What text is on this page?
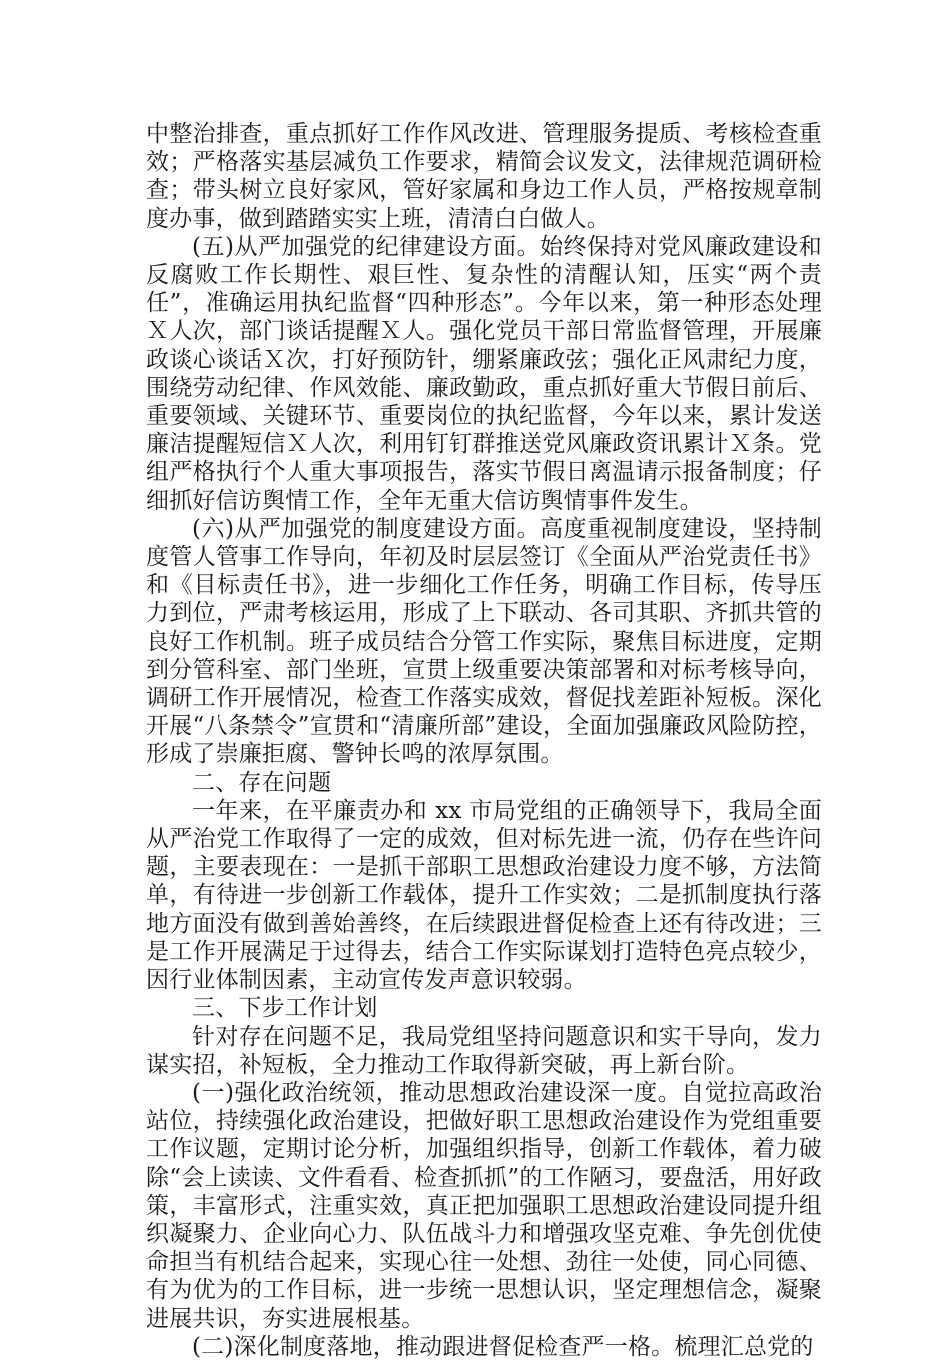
中整治排查，重点抓好工作作风改进、管理服务提质、考核检查重效；严格落实基层减负工作要求，精简会议发文，法律规范调研检查；带头树立良好家风，管好家属和身边工作人员，严格按规章制度办事，做到踏踏实实上班，清清白白做人。

(五)从严加强党的纪律建设方面。始终保持对党风廉政建设和反腐败工作长期性、艰巨性、复杂性的清醒认知，压实“两个责任”，准确运用执纪监督“四种形态”。今年以来，第一种形态处理Ｘ人次，部门谈话提醒Ｘ人。强化党员干部日常监督管理，开展廉政谈心谈话Ｘ次，打好预防针，绷紧廉政弦；强化正风肃纪力度，围绕劳动纪律、作风效能、廉政勤政，重点抓好重大节假日前后、重要领域、关键环节、重要岗位的执纪监督，今年以来，累计发送廉洁提醒短信Ｘ人次，利用钉钉群推送党风廉政资讯累计Ｘ条。党组严格执行个人重大事项报告，落实节假日离温请示报备制度；仔细抓好信访舆情工作，全年无重大信访舆情事件发生。

(六)从严加强党的制度建设方面。高度重视制度建设，坚持制度管人管事工作导向，年初及时层层签订《全面从严治党责任书》和《目标责任书》，进一步细化工作任务，明确工作目标，传导压力到位，严肃考核运用，形成了上下联动、各司其职、齐抓共管的良好工作机制。班子成员结合分管工作实际，聚焦目标进度，定期到分管科室、部门坐班，宣贯上级重要决策部署和对标考核导向，调研工作开展情况，检查工作落实成效，督促找差距补短板。深化开展“八条禁令”宣贯和“清廉所部”建设，全面加强廉政风险防控，形成了崇廉拒腐、警钟长鸣的浓厚氛围。

二、存在问题

一年来，在平廉责办和 xx 市局党组的正确领导下，我局全面从严治党工作取得了一定的成效，但对标先进一流，仍存在些许问题，主要表现在：一是抓干部职工思想政治建设力度不够，方法简单，有待进一步创新工作载体，提升工作实效；二是抓制度执行落地方面没有做到善始善终，在后续跟进督促检查上还有待改进；三是工作开展满足于过得去，结合工作实际谋划打造特色亮点较少，因行业体制因素，主动宣传发声意识较弱。

三、下步工作计划

针对存在问题不足，我局党组坚持问题意识和实干导向，发力谋实招，补短板，全力推动工作取得新突破，再上新台阶。

(一)强化政治统领，推动思想政治建设深一度。自觉拉高政治站位，持续强化政治建设，把做好职工思想政治建设作为党组重要工作议题，定期讨论分析，加强组织指导，创新工作载体，着力破除“会上读读、文件看看、检查抓抓”的工作陋习，要盘活，用好政策，丰富形式，注重实效，真正把加强职工思想政治建设同提升组织凝聚力、企业向心力、队伍战斗力和增强攻坚克难、争先创优使命担当有机结合起来，实现心往一处想、劲往一处使，同心同德、有为优为的工作目标，进一步统一思想认识，坚定理想信念，凝聚进展共识，夯实进展根基。

(二)深化制度落地，推动跟进督促检查严一格。梳理汇总党的
